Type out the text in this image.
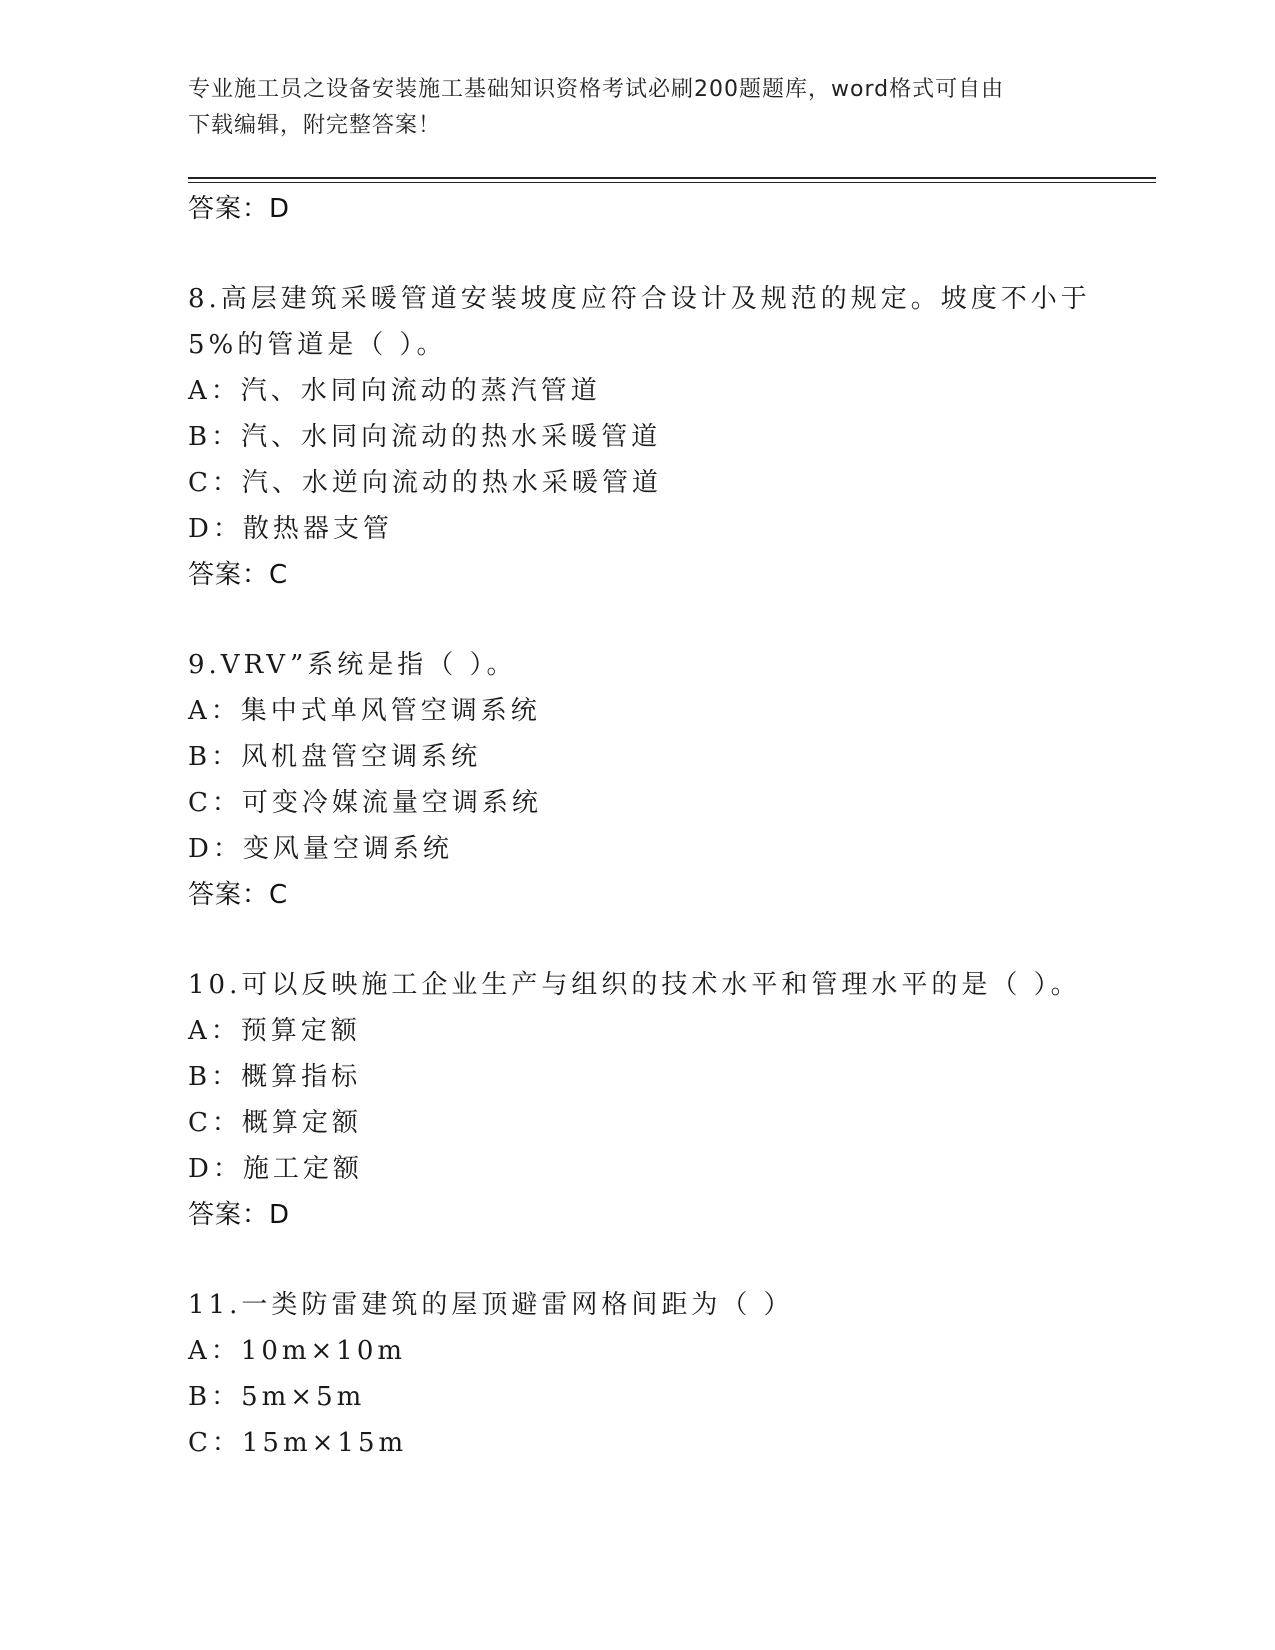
专业施工员之设备安装施工基础知识资格考试必刷200题题库，word格式可自由
下载编辑，附完整答案！
答案：D
8.高层建筑采暖管道安装坡度应符合设计及规范的规定。坡度不小于
5%的管道是（ ）。
A：汽、水同向流动的蒸汽管道
B：汽、水同向流动的热水采暖管道
C：汽、水逆向流动的热水采暖管道
D：散热器支管
答案：C
9.VRV”系统是指（ ）。
A：集中式单风管空调系统
B：风机盘管空调系统
C：可变冷媒流量空调系统
D：变风量空调系统
答案：C
10.可以反映施工企业生产与组织的技术水平和管理水平的是（ ）。
A：预算定额
B：概算指标
C：概算定额
D：施工定额
答案：D
11.一类防雷建筑的屋顶避雷网格间距为（ ）
A：10m×10m
B：5m×5m
C：15m×15m
